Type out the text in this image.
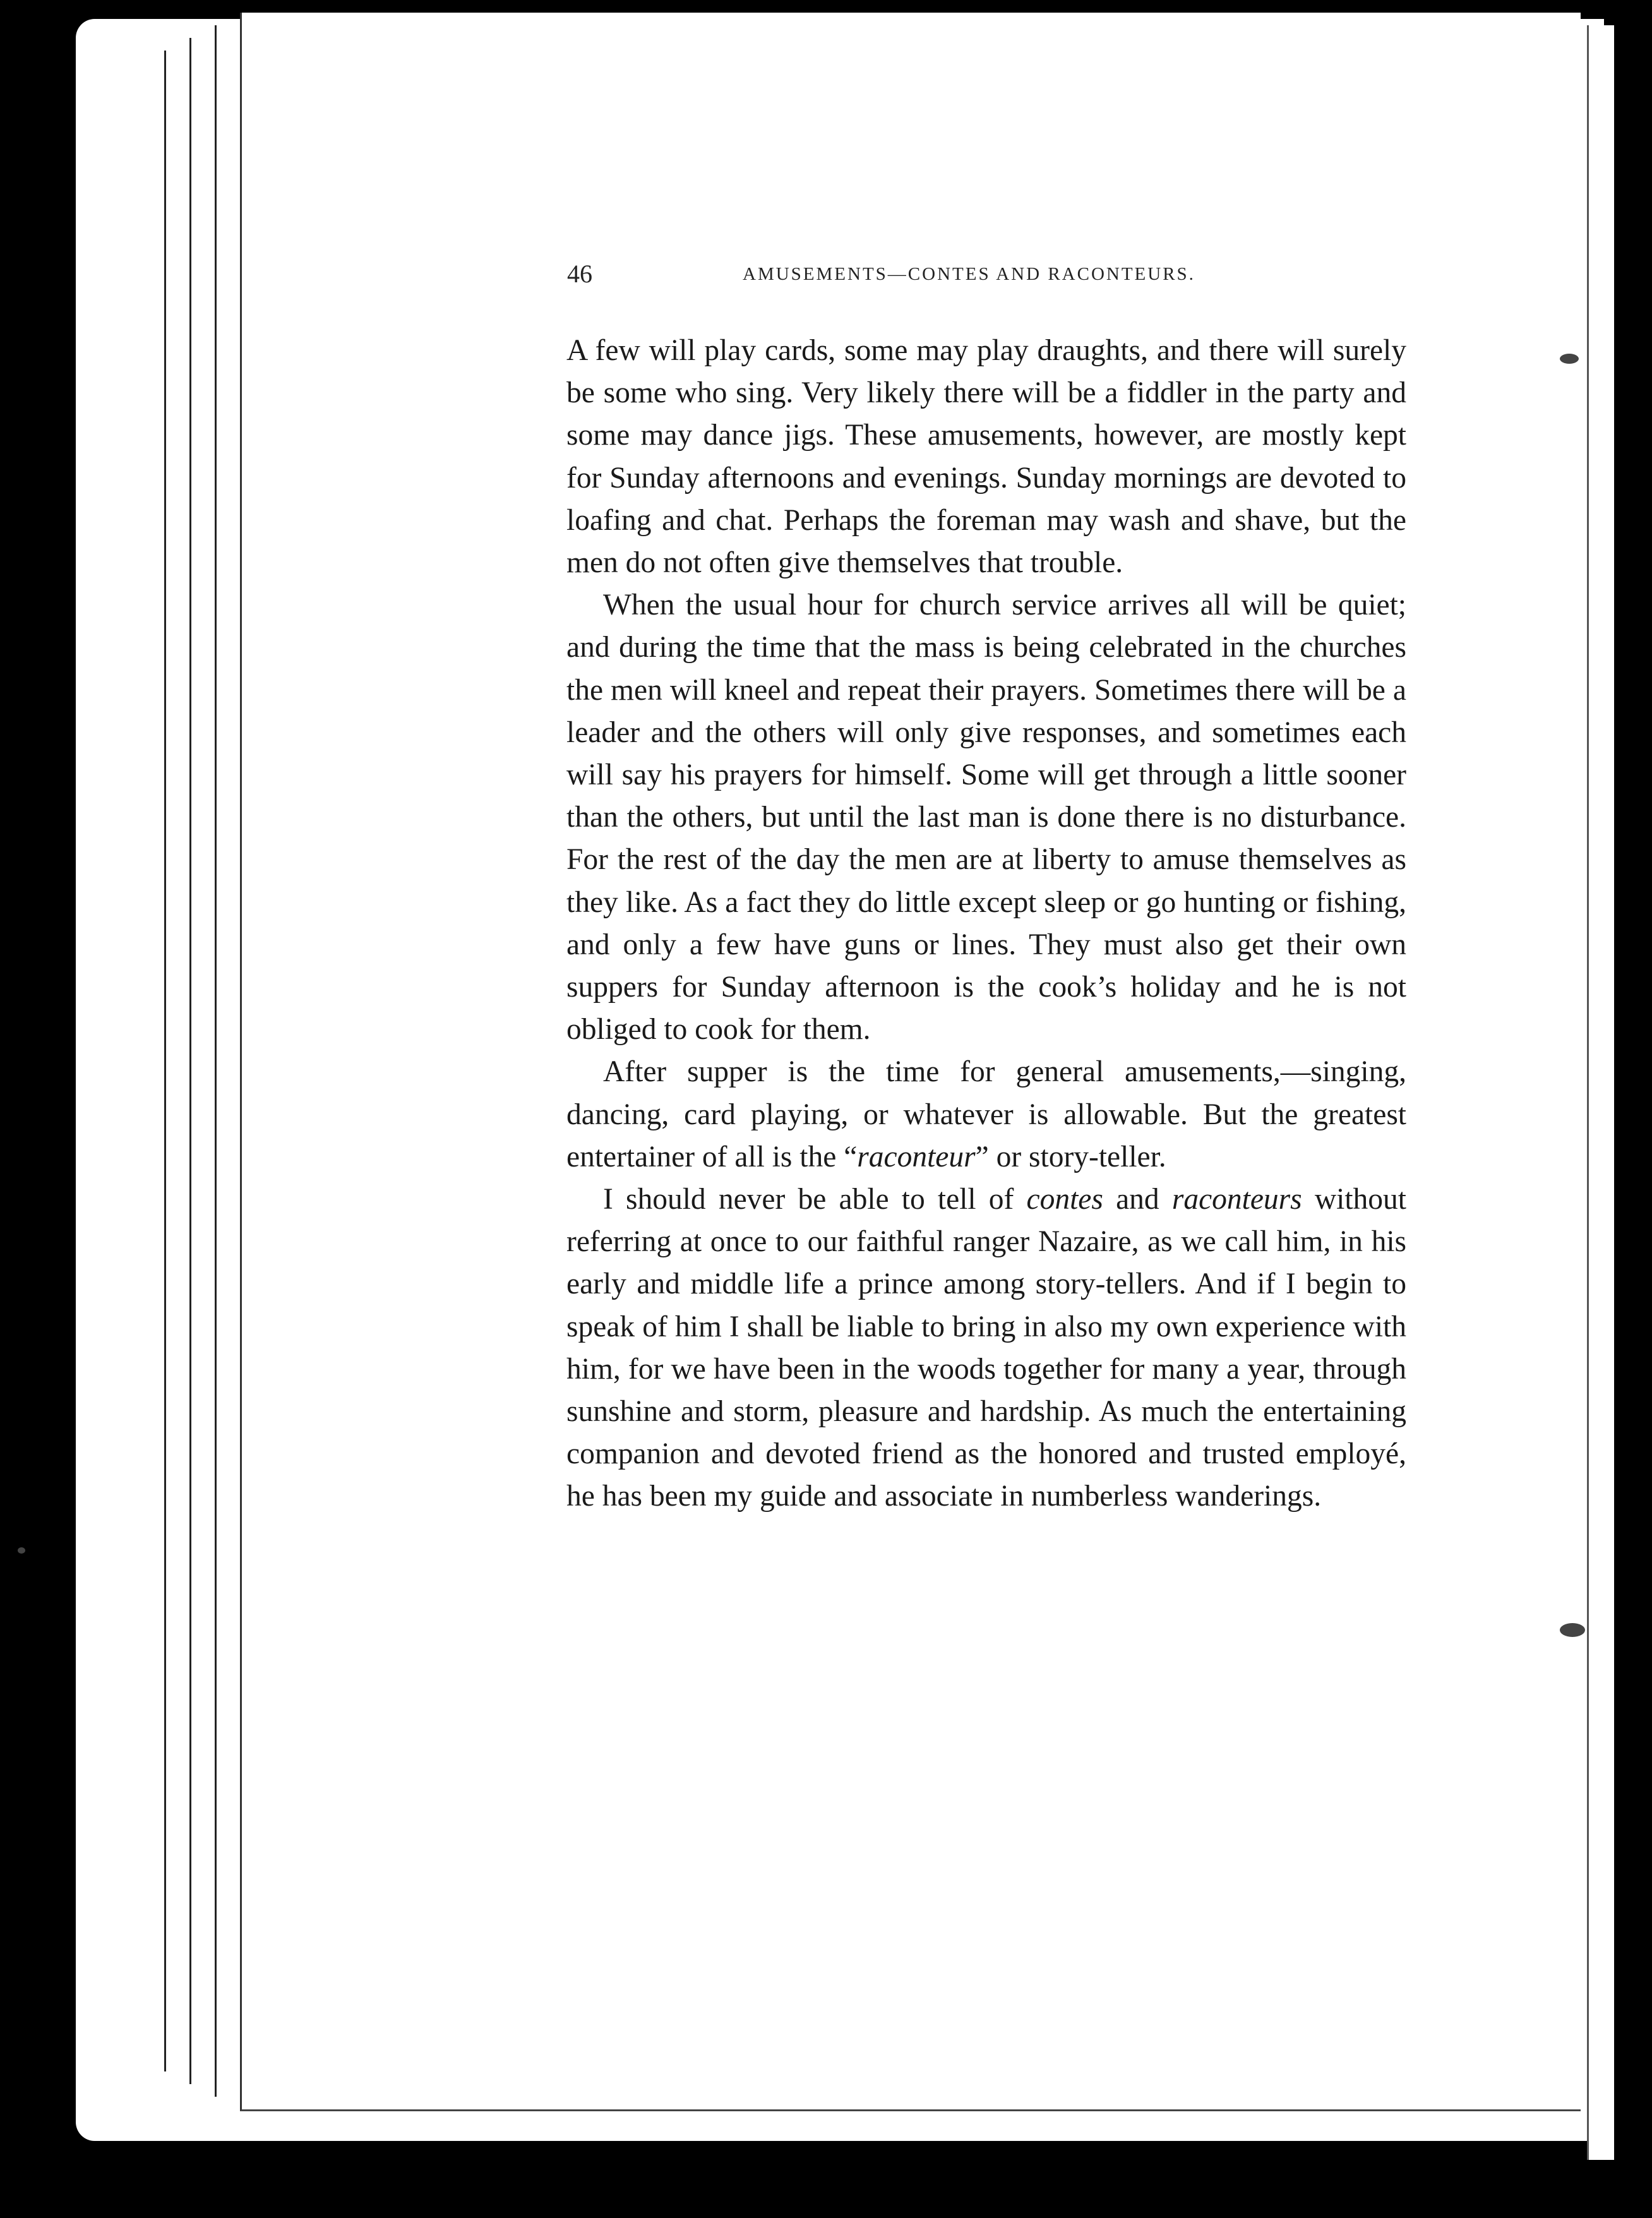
46	AMUSEMENTS—CONTES AND RACONTEURS.

A few will play cards, some may play draughts, and there will surely be some who sing. Very likely there will be a fiddler in the party and some may dance jigs. These amusements, however, are mostly kept for Sunday afternoons and evenings. Sunday mornings are devoted to loafing and chat. Perhaps the foreman may wash and shave, but the men do not often give themselves that trouble.

When the usual hour for church service arrives all will be quiet; and during the time that the mass is being celebrated in the churches the men will kneel and repeat their prayers. Sometimes there will be a leader and the others will only give responses, and sometimes each will say his prayers for himself. Some will get through a little sooner than the others, but until the last man is done there is no disturbance. For the rest of the day the men are at liberty to amuse themselves as they like. As a fact they do little except sleep or go hunting or fishing, and only a few have guns or lines. They must also get their own suppers for Sunday afternoon is the cook’s holiday and he is not obliged to cook for them.

After supper is the time for general amusements,—singing, dancing, card playing, or whatever is allowable. But the greatest entertainer of all is the “raconteur” or story-teller.

I should never be able to tell of contes and raconteurs without referring at once to our faithful ranger Nazaire, as we call him, in his early and middle life a prince among story-tellers. And if I begin to speak of him I shall be liable to bring in also my own experience with him, for we have been in the woods together for many a year, through sunshine and storm, pleasure and hardship. As much the entertaining companion and devoted friend as the honored and trusted employé, he has been my guide and associate in numberless wanderings.
